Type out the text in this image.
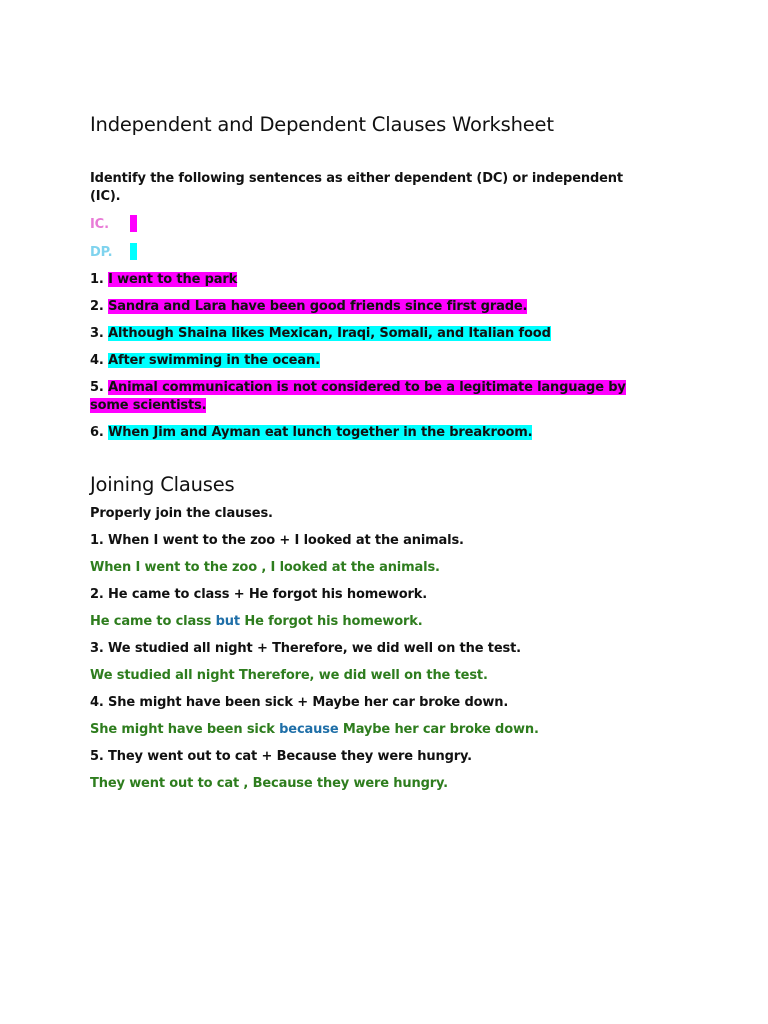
Independent and Dependent Clauses Worksheet

Identify the following sentences as either dependent (DC) or independent (IC).

IC.

DP.

1. I went to the park

2. Sandra and Lara have been good friends since first grade.

3. Although Shaina likes Mexican, Iraqi, Somali, and Italian food

4. After swimming in the ocean.

5. Animal communication is not considered to be a legitimate language by some scientists.

6. When Jim and Ayman eat lunch together in the breakroom.

Joining Clauses

Properly join the clauses.

1. When I went to the zoo + I looked at the animals.

When I went to the zoo , I looked at the animals.

2. He came to class + He forgot his homework.

He came to class but He forgot his homework.

3. We studied all night + Therefore, we did well on the test.

We studied all night Therefore, we did well on the test.

4. She might have been sick + Maybe her car broke down.

She might have been sick because Maybe her car broke down.

5. They went out to cat + Because they were hungry.

They went out to cat , Because they were hungry.
